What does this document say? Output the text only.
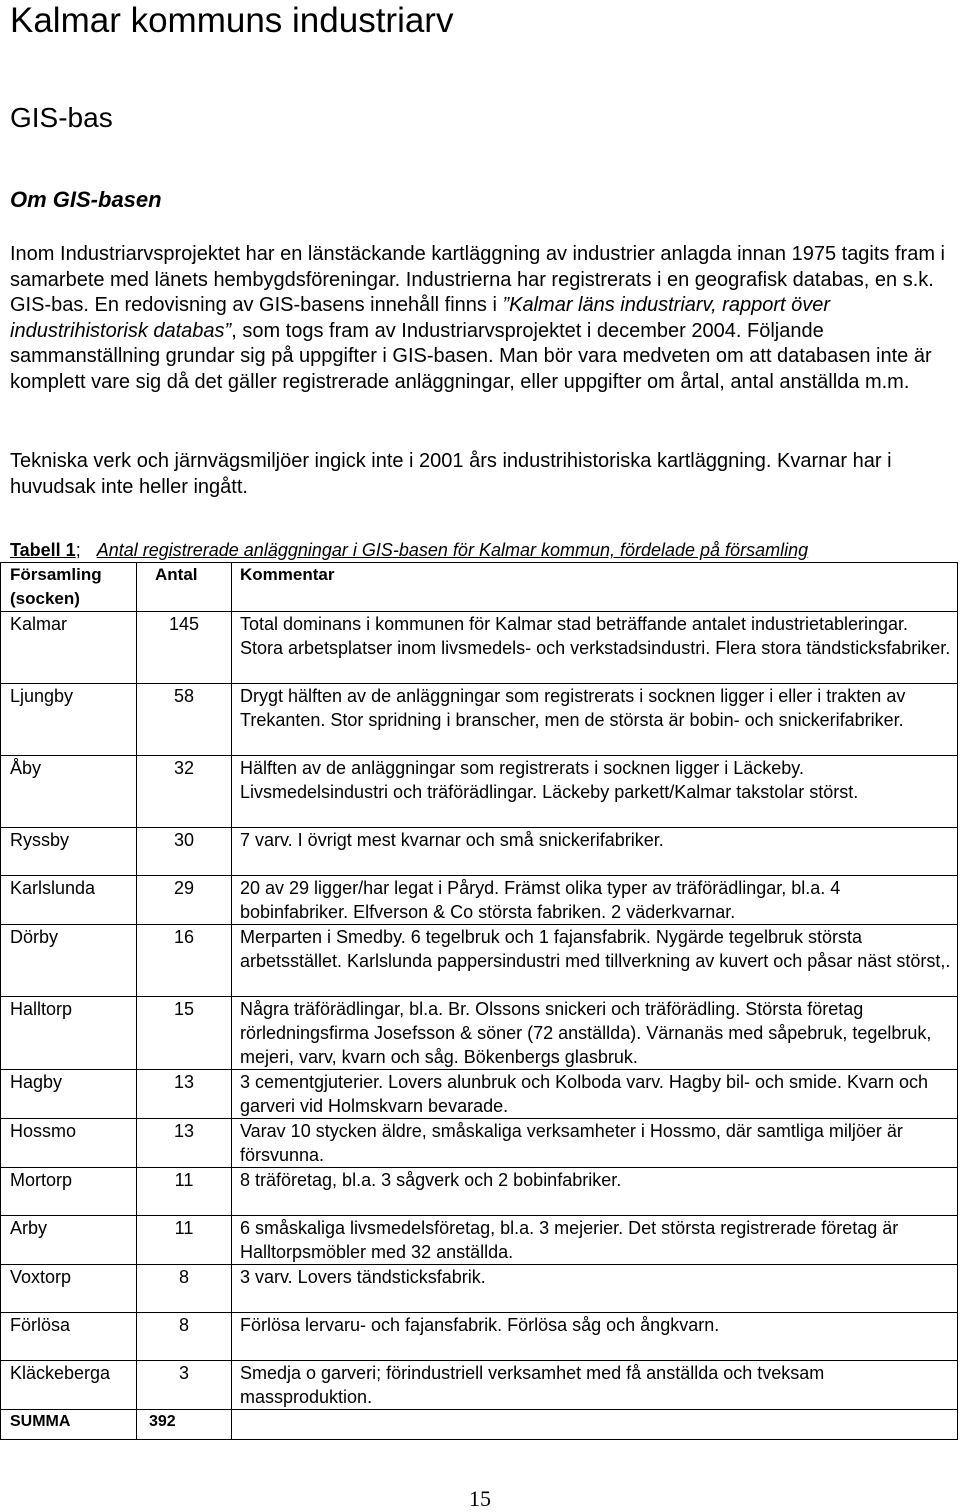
Kalmar kommuns industriarv
GIS-bas
Om GIS-basen

Inom Industriarvsprojektet har en länstäckande kartläggning av industrier anlagda innan 1975 tagits fram i samarbete med länets hembygdsföreningar. Industrierna har registrerats i en geografisk databas, en s.k. GIS-bas. En redovisning av GIS-basens innehåll finns i ”Kalmar läns industriarv, rapport över industrihistorisk databas”, som togs fram av Industriarvsprojektet i december 2004. Följande sammanställning grundar sig på uppgifter i GIS-basen. Man bör vara medveten om att databasen inte är komplett vare sig då det gäller registrerade anläggningar, eller uppgifter om årtal, antal anställda m.m.

Tekniska verk och järnvägsmiljöer ingick inte i 2001 års industrihistoriska kartläggning. Kvarnar har i huvudsak inte heller ingått.

Tabell 1; Antal registrerade anläggningar i GIS-basen för Kalmar kommun, fördelade på församling
Församling (socken)	Antal	Kommentar
Kalmar	145	Total dominans i kommunen för Kalmar stad beträffande antalet industrietableringar. Stora arbetsplatser inom livsmedels- och verkstadsindustri. Flera stora tändsticksfabriker.
Ljungby	58	Drygt hälften av de anläggningar som registrerats i socknen ligger i eller i trakten av Trekanten. Stor spridning i branscher, men de största är bobin- och snickerifabriker.
Åby	32	Hälften av de anläggningar som registrerats i socknen ligger i Läckeby. Livsmedelsindustri och träförädlingar. Läckeby parkett/Kalmar takstolar störst.
Ryssby	30	7 varv. I övrigt mest kvarnar och små snickerifabriker.
Karlslunda	29	20 av 29 ligger/har legat i Påryd. Främst olika typer av träförädlingar, bl.a. 4 bobinfabriker. Elfverson & Co största fabriken. 2 väderkvarnar.
Dörby	16	Merparten i Smedby. 6 tegelbruk och 1 fajansfabrik. Nygärde tegelbruk största arbetsstället. Karlslunda pappersindustri med tillverkning av kuvert och påsar näst störst,.
Halltorp	15	Några träförädlingar, bl.a. Br. Olssons snickeri och träförädling. Största företag rörledningsfirma Josefsson & söner (72 anställda). Värnanäs med såpebruk, tegelbruk, mejeri, varv, kvarn och såg. Bökenbergs glasbruk.
Hagby	13	3 cementgjuterier. Lovers alunbruk och Kolboda varv. Hagby bil- och smide. Kvarn och garveri vid Holmskvarn bevarade.
Hossmo	13	Varav 10 stycken äldre, småskaliga verksamheter i Hossmo, där samtliga miljöer är försvunna.
Mortorp	11	8 träföretag, bl.a. 3 sågverk och 2 bobinfabriker.
Arby	11	6 småskaliga livsmedelsföretag, bl.a. 3 mejerier. Det största registrerade företag är Halltorpsmöbler med 32 anställda.
Voxtorp	8	3 varv. Lovers tändsticksfabrik.
Förlösa	8	Förlösa lervaru- och fajansfabrik. Förlösa såg och ångkvarn.
Kläckeberga	3	Smedja o garveri; förindustriell verksamhet med få anställda och tveksam massproduktion.
SUMMA	392	
15
